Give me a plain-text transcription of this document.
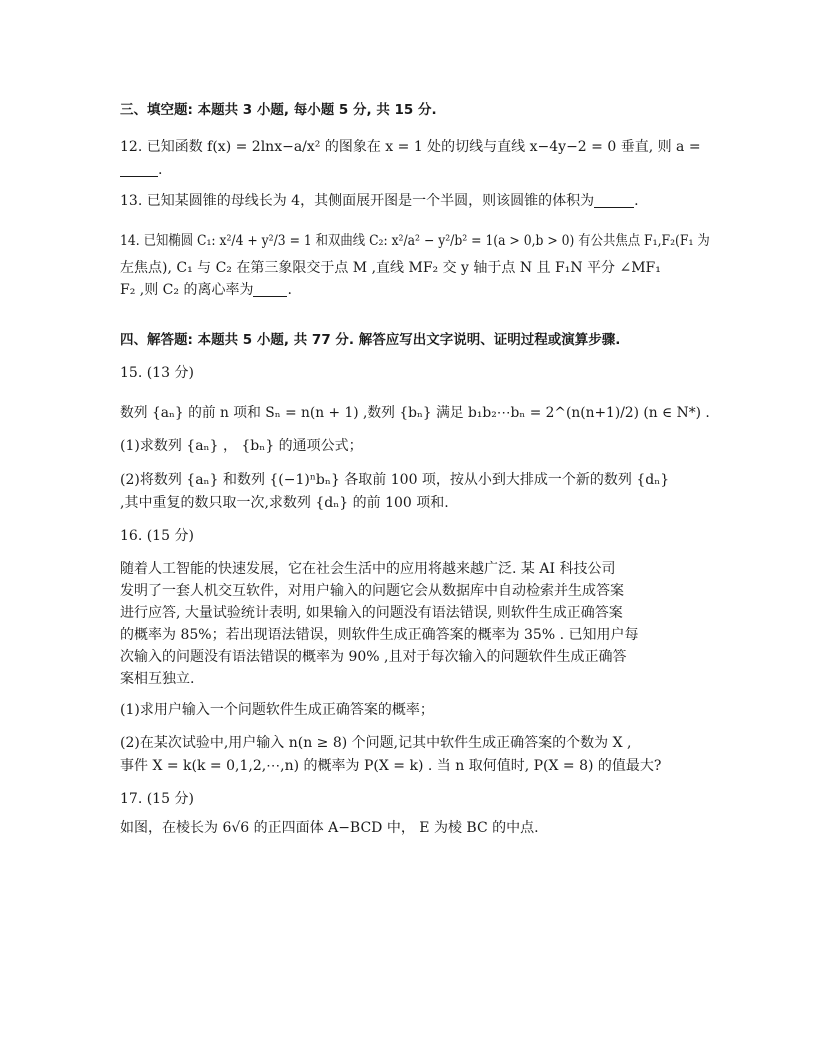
三、填空题: 本题共 3 小题, 每小题 5 分, 共 15 分.
12. 已知函数 f(x) = 2lnx−a/x² 的图象在 x = 1 处的切线与直线 x−4y−2 = 0 垂直, 则 a =
.
13. 已知某圆锥的母线长为 4，其侧面展开图是一个半圆，则该圆锥的体积为	.
14. 已知椭圆 C₁: x²/4 + y²/3 = 1 和双曲线 C₂: x²/a² − y²/b² = 1(a > 0,b > 0) 有公共焦点 F₁,F₂(F₁ 为
左焦点), C₁ 与 C₂ 在第三象限交于点 M ,直线 MF₂ 交 y 轴于点 N 且 F₁N 平分 ∠MF₁
F₂ ,则 C₂ 的离心率为 .
四、解答题: 本题共 5 小题, 共 77 分. 解答应写出文字说明、证明过程或演算步骤.
15. (13 分)
数列 {aₙ} 的前 n 项和 Sₙ = n(n + 1) ,数列 {bₙ} 满足 b₁b₂⋯bₙ = 2^(n(n+1)/2) (n ∈ N*) .
(1)求数列 {aₙ} ， {bₙ} 的通项公式；
(2)将数列 {aₙ} 和数列 {(−1)ⁿbₙ} 各取前 100 项，按从小到大排成一个新的数列 {dₙ}
,其中重复的数只取一次,求数列 {dₙ} 的前 100 项和.
16. (15 分)
随着人工智能的快速发展，它在社会生活中的应用将越来越广泛. 某 AI 科技公司
发明了一套人机交互软件，对用户输入的问题它会从数据库中自动检索并生成答案
进行应答, 大量试验统计表明, 如果输入的问题没有语法错误, 则软件生成正确答案
的概率为 85%；若出现语法错误，则软件生成正确答案的概率为 35% . 已知用户每
次输入的问题没有语法错误的概率为 90% ,且对于每次输入的问题软件生成正确答
案相互独立.
(1)求用户输入一个问题软件生成正确答案的概率；
(2)在某次试验中,用户输入 n(n ≥ 8) 个问题,记其中软件生成正确答案的个数为 X ,
事件 X = k(k = 0,1,2,⋯,n) 的概率为 P(X = k) . 当 n 取何值时, P(X = 8) 的值最大?
17. (15 分)
如图，在棱长为 6√6 的正四面体 A−BCD 中， E 为棱 BC 的中点.
